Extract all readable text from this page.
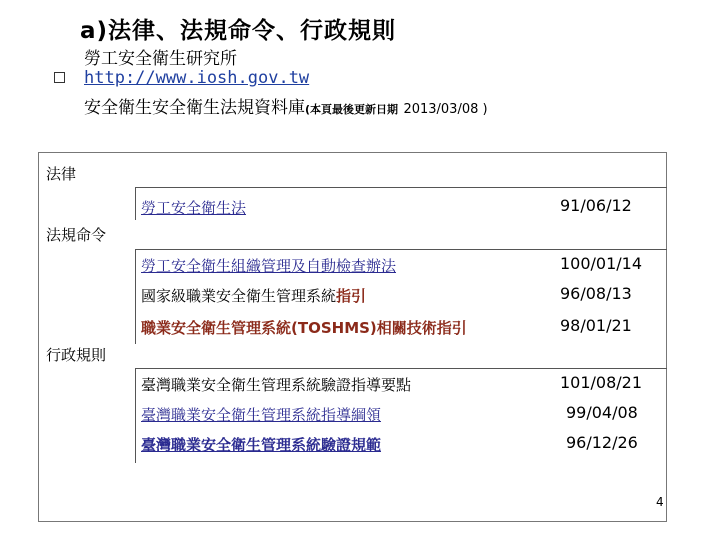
a)法律、法規命令、行政規則
勞工安全衛生研究所
http://www.iosh.gov.tw
安全衛生安全衛生法規資料庫(本頁最後更新日期 2013/03/08 )
法律
法規命令
行政規則
勞工安全衛生法	91/06/12
勞工安全衛生組織管理及自動檢查辦法	100/01/14
國家級職業安全衛生管理系統指引	96/08/13
職業安全衛生管理系統(TOSHMS)相關技術指引	98/01/21
臺灣職業安全衛生管理系統驗證指導要點	101/08/21
臺灣職業安全衛生管理系統指導綱領	99/04/08
臺灣職業安全衛生管理系統驗證規範	96/12/26
4
